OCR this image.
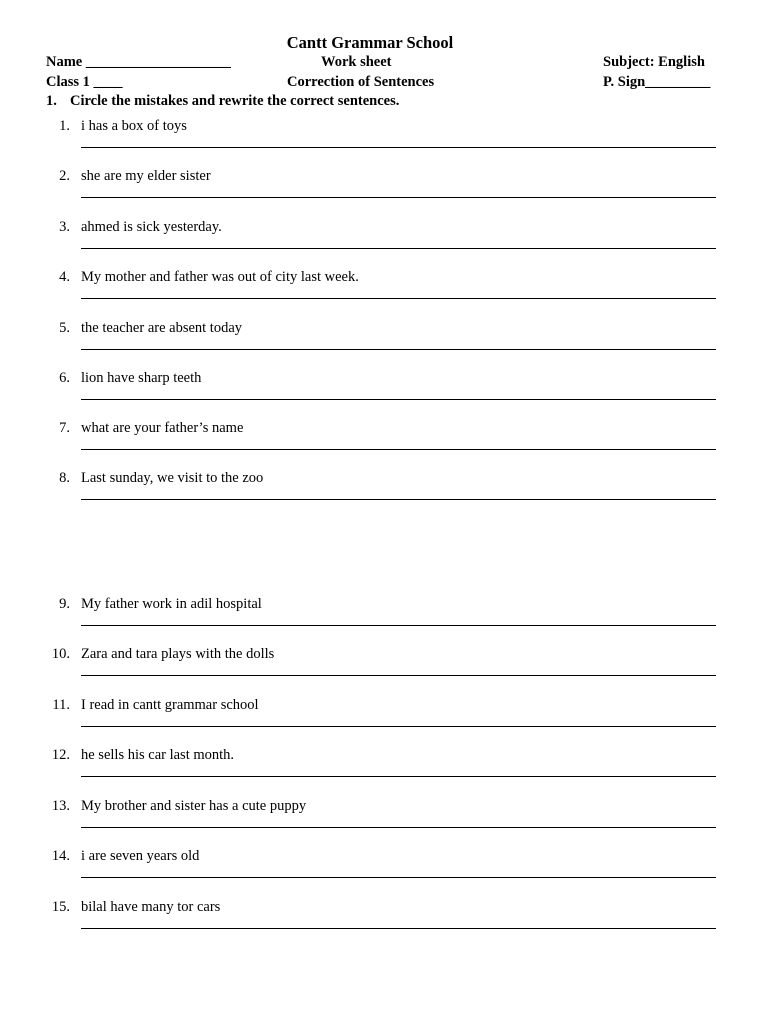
Cantt Grammar School
Name ____________________	Work sheet	Subject: English
Class 1 ____	Correction of Sentences	P. Sign_________
1. Circle the mistakes and rewrite the correct sentences.
1. i has a box of toys
2. she are my elder sister
3. ahmed is sick yesterday.
4. My mother and father was out of city last week.
5. the teacher are absent today
6. lion have sharp teeth
7. what are your father’s name
8. Last sunday, we visit to the zoo
9. My father work in adil hospital
10. Zara and tara plays with the dolls
11. I read in cantt grammar school
12. he sells his car last month.
13. My brother and sister has a cute puppy
14. i are seven years old
15. bilal have many tor cars
